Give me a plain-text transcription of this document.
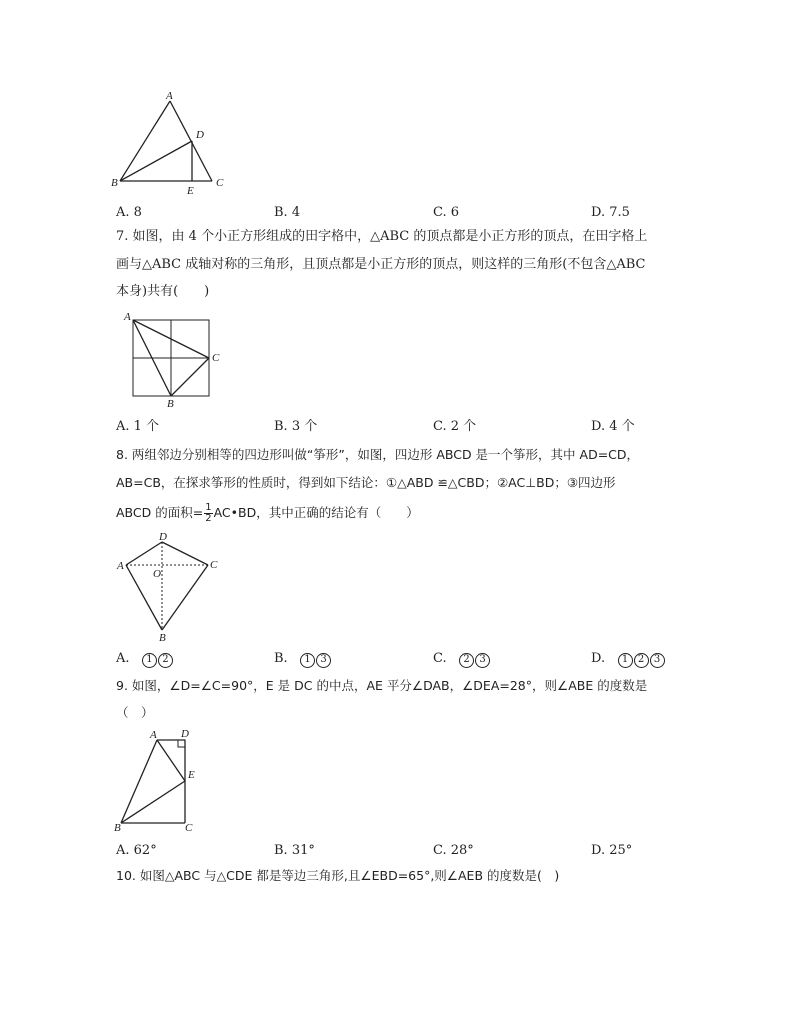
A
B	C
D
E
A. 8	B. 4	C. 6	D. 7.5
7. 如图，由 4 个小正方形组成的田字格中，△ABC 的顶点都是小正方形的顶点，在田字格上
画与△ABC 成轴对称的三角形，且顶点都是小正方形的顶点，则这样的三角形(不包含△ABC
本身)共有(　　)
A
B
C
A. 1 个	B. 3 个	C. 2 个	D. 4 个
8. 两组邻边分别相等的四边形叫做“筝形”，如图，四边形 ABCD 是一个筝形，其中 AD=CD，
AB=CB，在探求筝形的性质时，得到如下结论：①△ABD ≌△CBD；②AC⊥BD；③四边形
ABCD 的面积= $\frac{1}{2}$ AC•BD，其中正确的结论有（　　）
D
A	C
O
B
A. 1 2	B. 1 3	C. 2 3	D. 1 2 3
9. 如图，∠D=∠C=90°，E 是 DC 的中点，AE 平分∠DAB，∠DEA=28°，则∠ABE 的度数是
（　）
A D
E
B	C
A. 62°	B. 31°	C. 28°	D. 25°
10. 如图△ABC 与△CDE 都是等边三角形,且∠EBD=65°,则∠AEB 的度数是(　)
